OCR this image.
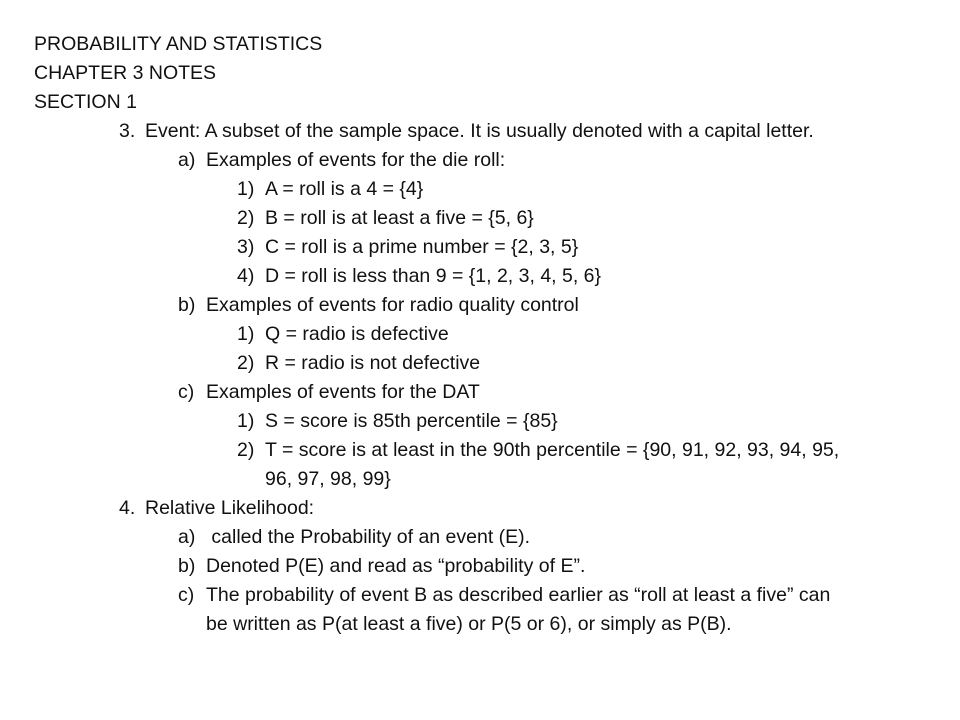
PROBABILITY AND STATISTICS
CHAPTER 3 NOTES
SECTION 1
3. Event: A subset of the sample space. It is usually denoted with a capital letter.
a) Examples of events for the die roll:
1) A = roll is a 4 = {4}
2) B = roll is at least a five = {5, 6}
3) C = roll is a prime number = {2, 3, 5}
4) D = roll is less than 9 = {1, 2, 3, 4, 5, 6}
b) Examples of events for radio quality control
1) Q = radio is defective
2) R = radio is not defective
c) Examples of events for the DAT
1) S = score is 85th percentile = {85}
2) T = score is at least in the 90th percentile = {90, 91, 92, 93, 94, 95,
96, 97, 98, 99}
4. Relative Likelihood:
a) called the Probability of an event (E).
b) Denoted P(E) and read as “probability of E”.
c) The probability of event B as described earlier as “roll at least a five” can
be written as P(at least a five) or P(5 or 6), or simply as P(B).
